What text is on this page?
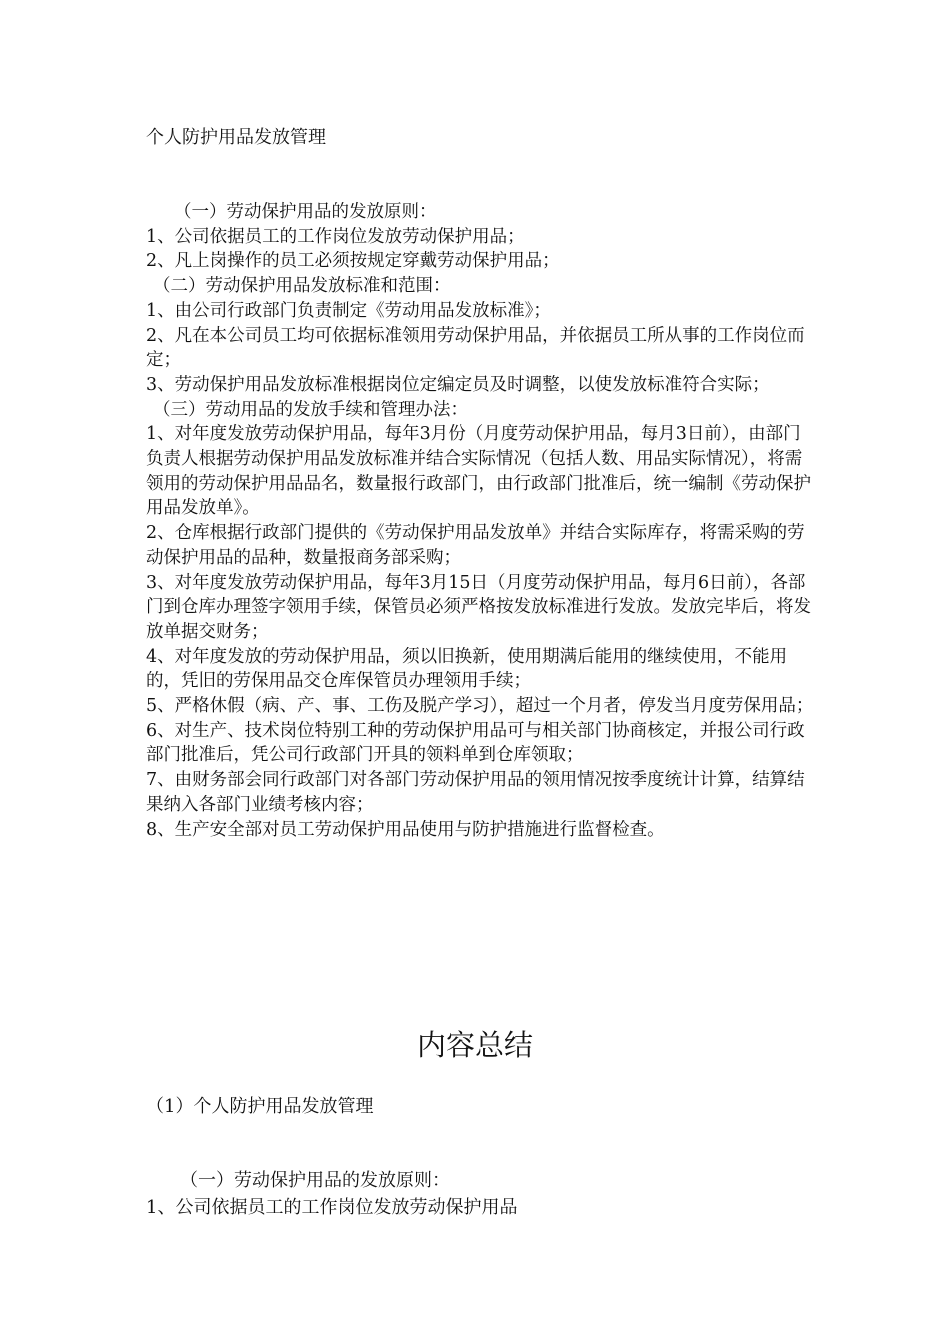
个人防护用品发放管理

（一）劳动保护用品的发放原则：

1、公司依据员工的工作岗位发放劳动保护用品；

2、凡上岗操作的员工必须按规定穿戴劳动保护用品；

（二）劳动保护用品发放标准和范围：

1、由公司行政部门负责制定《劳动用品发放标准》；

2、凡在本公司员工均可依据标准领用劳动保护用品，并依据员工所从事的工作岗位而定；

3、劳动保护用品发放标准根据岗位定编定员及时调整，以使发放标准符合实际；

（三）劳动用品的发放手续和管理办法：

1、对年度发放劳动保护用品，每年3月份（月度劳动保护用品，每月3日前），由部门负责人根据劳动保护用品发放标准并结合实际情况（包括人数、用品实际情况），将需领用的劳动保护用品品名，数量报行政部门，由行政部门批准后，统一编制《劳动保护用品发放单》。

2、仓库根据行政部门提供的《劳动保护用品发放单》并结合实际库存，将需采购的劳动保护用品的品种，数量报商务部采购；

3、对年度发放劳动保护用品，每年3月15日（月度劳动保护用品，每月6日前），各部门到仓库办理签字领用手续，保管员必须严格按发放标准进行发放。发放完毕后，将发放单据交财务；

4、对年度发放的劳动保护用品，须以旧换新，使用期满后能用的继续使用，不能用的，凭旧的劳保用品交仓库保管员办理领用手续；

5、严格休假（病、产、事、工伤及脱产学习），超过一个月者，停发当月度劳保用品；

6、对生产、技术岗位特别工种的劳动保护用品可与相关部门协商核定，并报公司行政部门批准后，凭公司行政部门开具的领料单到仓库领取；

7、由财务部会同行政部门对各部门劳动保护用品的领用情况按季度统计计算，结算结果纳入各部门业绩考核内容；

8、生产安全部对员工劳动保护用品使用与防护措施进行监督检查。

内容总结

（1）个人防护用品发放管理

（一）劳动保护用品的发放原则：

1、公司依据员工的工作岗位发放劳动保护用品
